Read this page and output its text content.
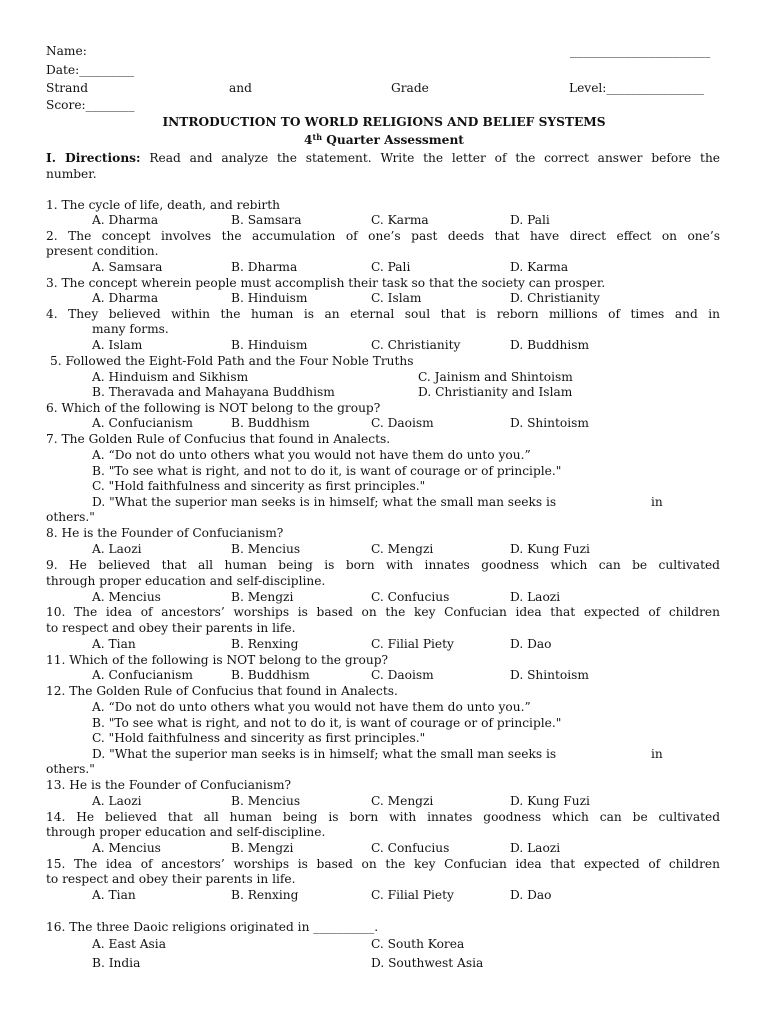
Name:	_______________________
Date:_________
Strand	and	Grade	Level:________________
Score:________
INTRODUCTION TO WORLD RELIGIONS AND BELIEF SYSTEMS
4th Quarter Assessment
I. Directions: Read and analyze the statement. Write the letter of the correct answer before the
number.
1. The cycle of life, death, and rebirth
A. Dharma	B. Samsara	C. Karma	D. Pali
2. The concept involves the accumulation of one’s past deeds that have direct effect on one’s
present condition.
A. Samsara	B. Dharma	C. Pali	D. Karma
3. The concept wherein people must accomplish their task so that the society can prosper.
A. Dharma	B. Hinduism	C. Islam	D. Christianity
4. They believed within the human is an eternal soul that is reborn millions of times and in
many forms.
A. Islam	B. Hinduism	C. Christianity	D. Buddhism
5. Followed the Eight-Fold Path and the Four Noble Truths
A. Hinduism and Sikhism	C. Jainism and Shintoism
B. Theravada and Mahayana Buddhism	D. Christianity and Islam
6. Which of the following is NOT belong to the group?
A. Confucianism	B. Buddhism	C. Daoism	D. Shintoism
7. The Golden Rule of Confucius that found in Analects.
A. “Do not do unto others what you would not have them do unto you.”
B. "To see what is right, and not to do it, is want of courage or of principle."
C. "Hold faithfulness and sincerity as first principles."
D. "What the superior man seeks is in himself; what the small man seeks is	in
others."
8. He is the Founder of Confucianism?
A. Laozi	B. Mencius	C. Mengzi	D. Kung Fuzi
9. He believed that all human being is born with innates goodness which can be cultivated
through proper education and self-discipline.
A. Mencius	B. Mengzi	C. Confucius	D. Laozi
10. The idea of ancestors’ worships is based on the key Confucian idea that expected of children
to respect and obey their parents in life.
A. Tian	B. Renxing	C. Filial Piety	D. Dao
11. Which of the following is NOT belong to the group?
A. Confucianism	B. Buddhism	C. Daoism	D. Shintoism
12. The Golden Rule of Confucius that found in Analects.
A. “Do not do unto others what you would not have them do unto you.”
B. "To see what is right, and not to do it, is want of courage or of principle."
C. "Hold faithfulness and sincerity as first principles."
D. "What the superior man seeks is in himself; what the small man seeks is	in
others."
13. He is the Founder of Confucianism?
A. Laozi	B. Mencius	C. Mengzi	D. Kung Fuzi
14. He believed that all human being is born with innates goodness which can be cultivated
through proper education and self-discipline.
A. Mencius	B. Mengzi	C. Confucius	D. Laozi
15. The idea of ancestors’ worships is based on the key Confucian idea that expected of children
to respect and obey their parents in life.
A. Tian	B. Renxing	C. Filial Piety	D. Dao
16. The three Daoic religions originated in __________.
A. East Asia	C. South Korea
B. India	D. Southwest Asia
